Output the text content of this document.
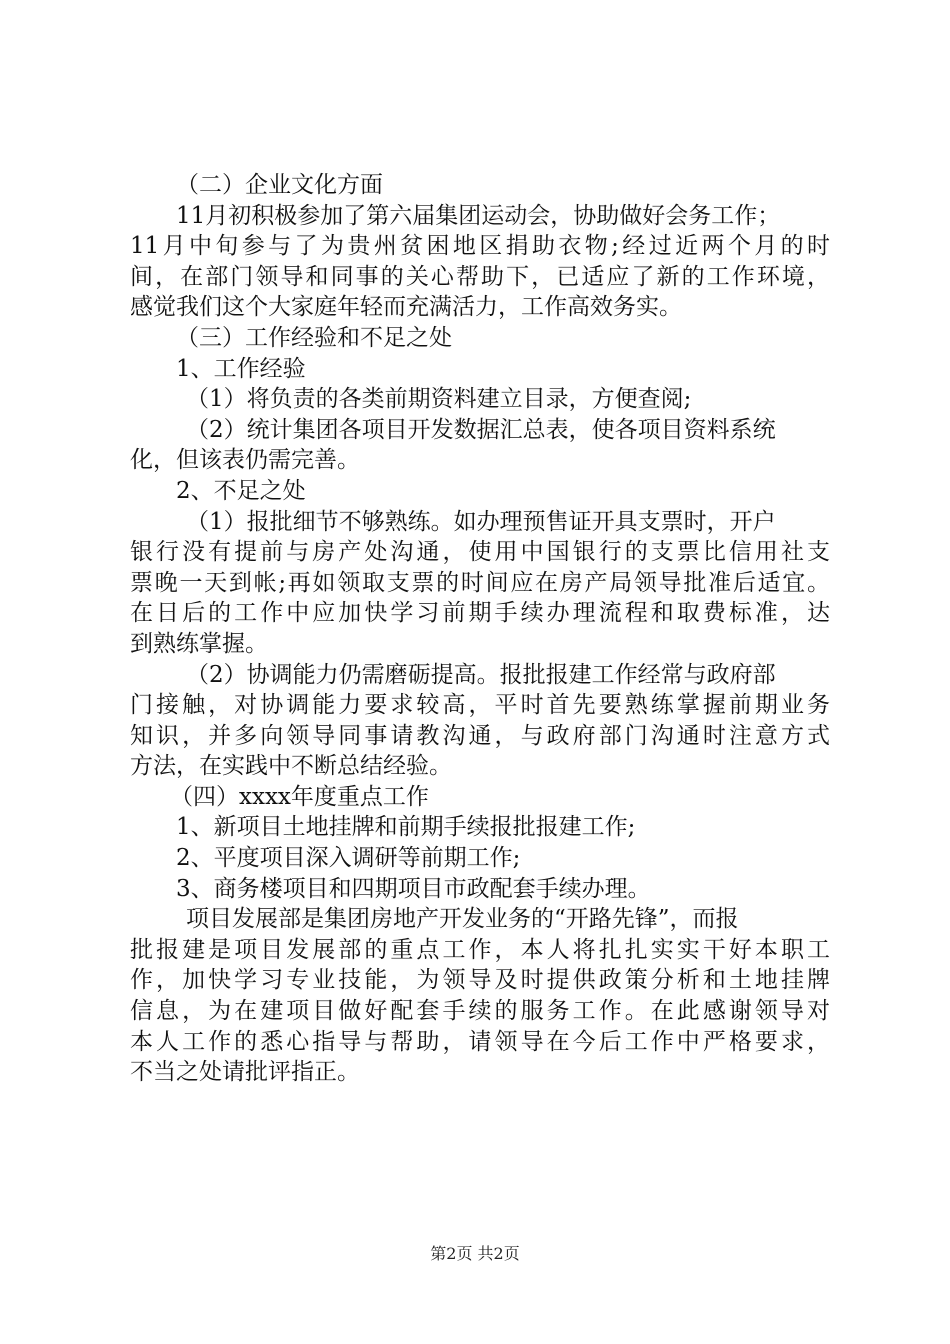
（二）企业文化方面

11月初积极参加了第六届集团运动会，协助做好会务工作；

11月中旬参与了为贵州贫困地区捐助衣物;经过近两个月的时

间，在部门领导和同事的关心帮助下，已适应了新的工作环境，

感觉我们这个大家庭年轻而充满活力，工作高效务实。

（三）工作经验和不足之处

1、工作经验

（1）将负责的各类前期资料建立目录，方便查阅;

（2）统计集团各项目开发数据汇总表，使各项目资料系统

化，但该表仍需完善。

2、不足之处

（1）报批细节不够熟练。如办理预售证开具支票时，开户

银行没有提前与房产处沟通，使用中国银行的支票比信用社支

票晚一天到帐;再如领取支票的时间应在房产局领导批准后适宜。

在日后的工作中应加快学习前期手续办理流程和取费标准，达

到熟练掌握。

（2）协调能力仍需磨砺提高。报批报建工作经常与政府部

门接触，对协调能力要求较高，平时首先要熟练掌握前期业务

知识，并多向领导同事请教沟通，与政府部门沟通时注意方式

方法，在实践中不断总结经验。

（四）xxxx年度重点工作

1、新项目土地挂牌和前期手续报批报建工作;

2、平度项目深入调研等前期工作;

3、商务楼项目和四期项目市政配套手续办理。

项目发展部是集团房地产开发业务的“开路先锋”，而报

批报建是项目发展部的重点工作，本人将扎扎实实干好本职工

作，加快学习专业技能，为领导及时提供政策分析和土地挂牌

信息，为在建项目做好配套手续的服务工作。在此感谢领导对

本人工作的悉心指导与帮助，请领导在今后工作中严格要求，

不当之处请批评指正。

第2页 共2页
